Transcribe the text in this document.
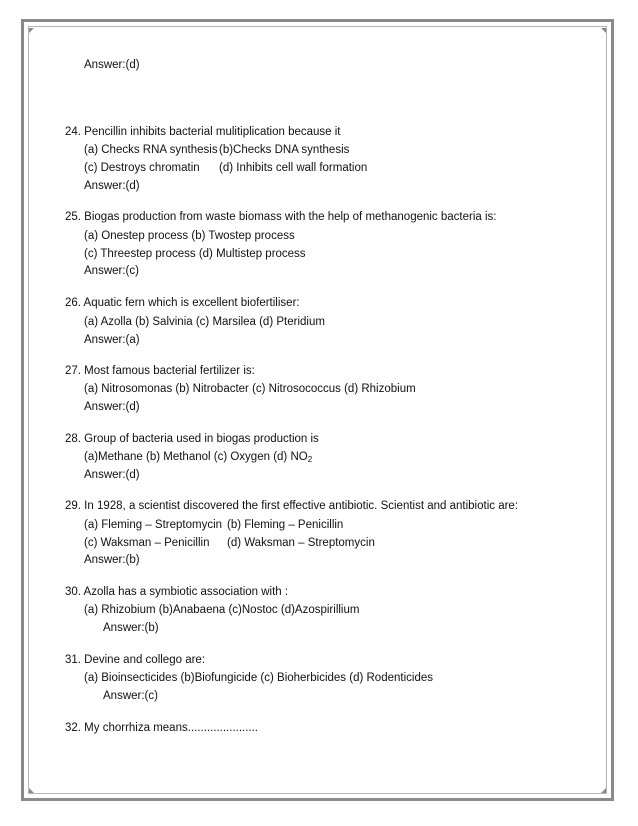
Answer:(d)
24. Pencillin inhibits bacterial mulitiplication because it
(a) Checks RNA synthesis(b)Checks DNA synthesis
(c) Destroys chromatin (d) Inhibits cell wall formation
Answer:(d)
25. Biogas production from waste biomass with the help of methanogenic bacteria is:
(a) Onestep process (b) Twostep process
(c) Threestep process (d) Multistep process
Answer:(c)
26. Aquatic fern which is excellent biofertiliser:
(a) Azolla (b) Salvinia (c) Marsilea (d) Pteridium
Answer:(a)
27. Most famous bacterial fertilizer is:
(a) Nitrosomonas (b) Nitrobacter (c) Nitrosococcus (d) Rhizobium
Answer:(d)
28. Group of bacteria used in biogas production is
(a)Methane (b) Methanol (c) Oxygen (d) $NO_2$
Answer:(d)
29. In 1928, a scientist discovered the first effective antibiotic. Scientist and antibiotic are:
(a) Fleming – Streptomycin (b) Fleming – Penicillin
(c) Waksman – Penicillin (d) Waksman – Streptomycin
Answer:(b)
30. Azolla has a symbiotic association with :
(a) Rhizobium (b)Anabaena (c)Nostoc (d)Azospirillium
Answer:(b)
31. Devine and collego are:
(a) Bioinsecticides (b)Biofungicide (c) Bioherbicides (d) Rodenticides
Answer:(c)
32. My chorrhiza means......................
